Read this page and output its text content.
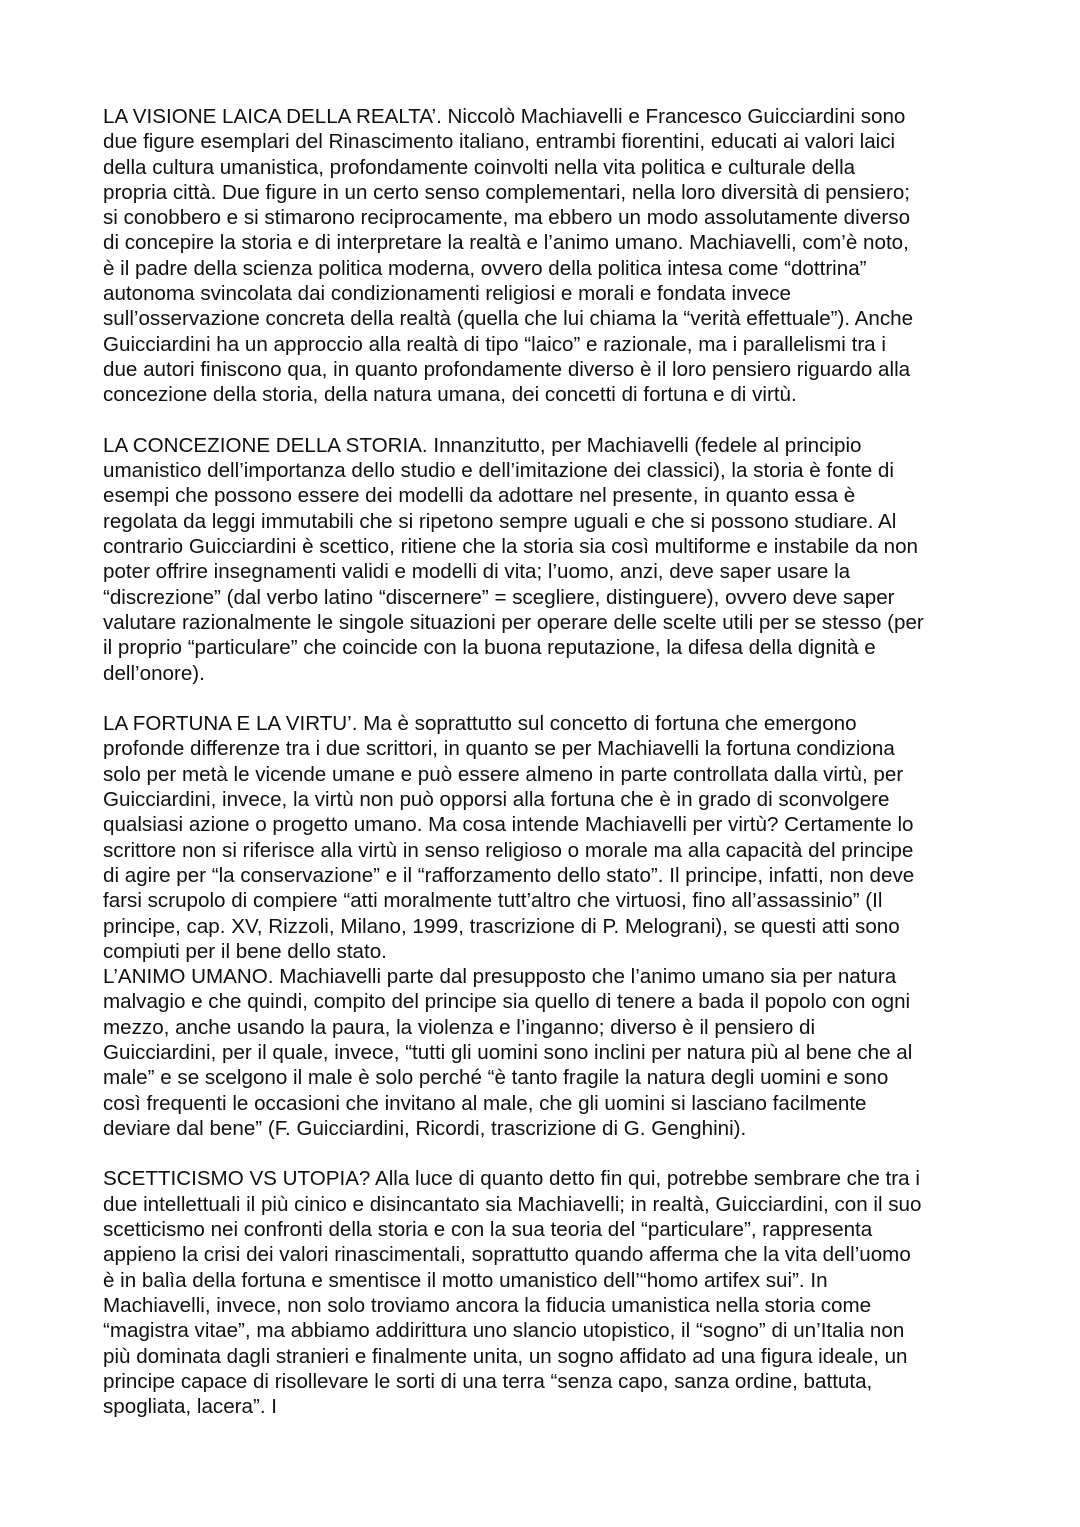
LA VISIONE LAICA DELLA REALTA’. Niccolò Machiavelli e Francesco Guicciardini sono
due figure esemplari del Rinascimento italiano, entrambi fiorentini, educati ai valori laici
della cultura umanistica, profondamente coinvolti nella vita politica e culturale della
propria città. Due figure in un certo senso complementari, nella loro diversità di pensiero;
si conobbero e si stimarono reciprocamente, ma ebbero un modo assolutamente diverso
di concepire la storia e di interpretare la realtà e l’animo umano. Machiavelli, com’è noto,
è il padre della scienza politica moderna, ovvero della politica intesa come “dottrina”
autonoma svincolata dai condizionamenti religiosi e morali e fondata invece
sull’osservazione concreta della realtà (quella che lui chiama la “verità effettuale”). Anche
Guicciardini ha un approccio alla realtà di tipo “laico” e razionale, ma i parallelismi tra i
due autori finiscono qua, in quanto profondamente diverso è il loro pensiero riguardo alla
concezione della storia, della natura umana, dei concetti di fortuna e di virtù.

LA CONCEZIONE DELLA STORIA. Innanzitutto, per Machiavelli (fedele al principio
umanistico dell’importanza dello studio e dell’imitazione dei classici), la storia è fonte di
esempi che possono essere dei modelli da adottare nel presente, in quanto essa è
regolata da leggi immutabili che si ripetono sempre uguali e che si possono studiare. Al
contrario Guicciardini è scettico, ritiene che la storia sia così multiforme e instabile da non
poter offrire insegnamenti validi e modelli di vita; l’uomo, anzi, deve saper usare la
“discrezione” (dal verbo latino “discernere” = scegliere, distinguere), ovvero deve saper
valutare razionalmente le singole situazioni per operare delle scelte utili per se stesso (per
il proprio “particulare” che coincide con la buona reputazione, la difesa della dignità e
dell’onore).

LA FORTUNA E LA VIRTU’. Ma è soprattutto sul concetto di fortuna che emergono
profonde differenze tra i due scrittori, in quanto se per Machiavelli la fortuna condiziona
solo per metà le vicende umane e può essere almeno in parte controllata dalla virtù, per
Guicciardini, invece, la virtù non può opporsi alla fortuna che è in grado di sconvolgere
qualsiasi azione o progetto umano. Ma cosa intende Machiavelli per virtù? Certamente lo
scrittore non si riferisce alla virtù in senso religioso o morale ma alla capacità del principe
di agire per “la conservazione” e il “rafforzamento dello stato”. Il principe, infatti, non deve
farsi scrupolo di compiere “atti moralmente tutt’altro che virtuosi, fino all’assassinio” (Il
principe, cap. XV, Rizzoli, Milano, 1999, trascrizione di P. Melograni), se questi atti sono
compiuti per il bene dello stato.

L’ANIMO UMANO. Machiavelli parte dal presupposto che l’animo umano sia per natura
malvagio e che quindi, compito del principe sia quello di tenere a bada il popolo con ogni
mezzo, anche usando la paura, la violenza e l’inganno; diverso è il pensiero di
Guicciardini, per il quale, invece, “tutti gli uomini sono inclini per natura più al bene che al
male” e se scelgono il male è solo perché “è tanto fragile la natura degli uomini e sono
così frequenti le occasioni che invitano al male, che gli uomini si lasciano facilmente
deviare dal bene” (F. Guicciardini, Ricordi, trascrizione di G. Genghini).

SCETTICISMO VS UTOPIA? Alla luce di quanto detto fin qui, potrebbe sembrare che tra i
due intellettuali il più cinico e disincantato sia Machiavelli; in realtà, Guicciardini, con il suo
scetticismo nei confronti della storia e con la sua teoria del “particulare”, rappresenta
appieno la crisi dei valori rinascimentali, soprattutto quando afferma che la vita dell’uomo
è in balìa della fortuna e smentisce il motto umanistico dell’“homo artifex sui”. In
Machiavelli, invece, non solo troviamo ancora la fiducia umanistica nella storia come
“magistra vitae”, ma abbiamo addirittura uno slancio utopistico, il “sogno” di un’Italia non
più dominata dagli stranieri e finalmente unita, un sogno affidato ad una figura ideale, un
principe capace di risollevare le sorti di una terra “senza capo, sanza ordine, battuta,
spogliata, lacera”. I
